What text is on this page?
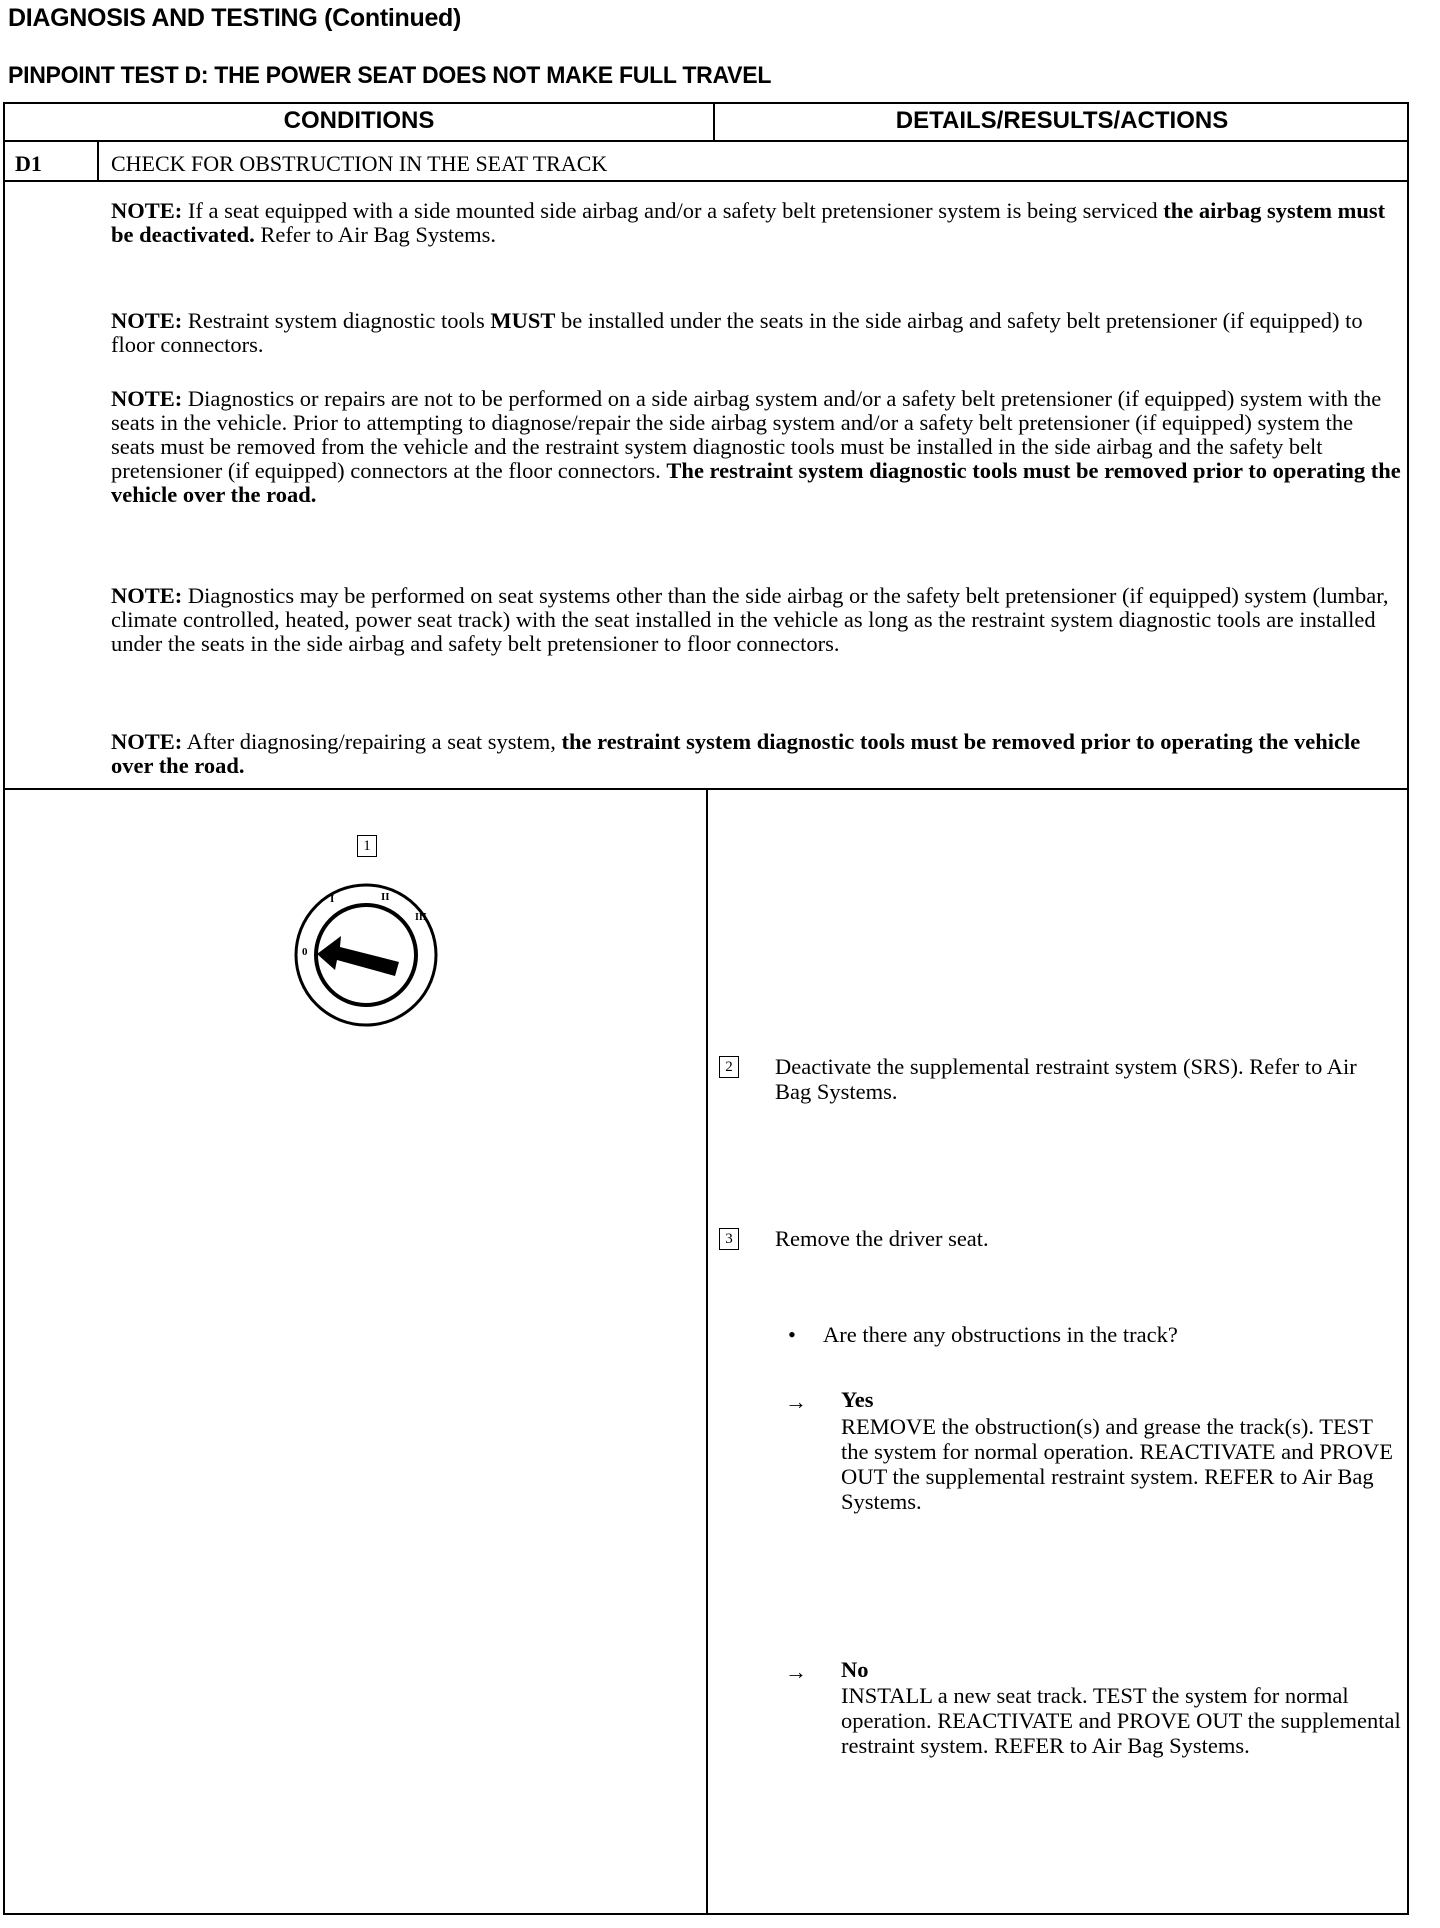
DIAGNOSIS AND TESTING (Continued)
PINPOINT TEST D: THE POWER SEAT DOES NOT MAKE FULL TRAVEL
CONDITIONS	DETAILS/RESULTS/ACTIONS
D1	CHECK FOR OBSTRUCTION IN THE SEAT TRACK
NOTE: If a seat equipped with a side mounted side airbag and/or a safety belt pretensioner system is being serviced the airbag system must be deactivated. Refer to Air Bag Systems.
NOTE: Restraint system diagnostic tools MUST be installed under the seats in the side airbag and safety belt pretensioner (if equipped) to floor connectors.
NOTE: Diagnostics or repairs are not to be performed on a side airbag system and/or a safety belt pretensioner (if equipped) system with the seats in the vehicle. Prior to attempting to diagnose/repair the side airbag system and/or a safety belt pretensioner (if equipped) system the seats must be removed from the vehicle and the restraint system diagnostic tools must be installed in the side airbag and the safety belt pretensioner (if equipped) connectors at the floor connectors. The restraint system diagnostic tools must be removed prior to operating the vehicle over the road.
NOTE: Diagnostics may be performed on seat systems other than the side airbag or the safety belt pretensioner (if equipped) system (lumbar, climate controlled, heated, power seat track) with the seat installed in the vehicle as long as the restraint system diagnostic tools are installed under the seats in the side airbag and safety belt pretensioner to floor connectors.
NOTE: After diagnosing/repairing a seat system, the restraint system diagnostic tools must be removed prior to operating the vehicle over the road.
1
0
I	II
III
2 Deactivate the supplemental restraint system (SRS). Refer to Air Bag Systems.
3 Remove the driver seat.
• Are there any obstructions in the track?
→ Yes
REMOVE the obstruction(s) and grease the track(s). TEST the system for normal operation. REACTIVATE and PROVE OUT the supplemental restraint system. REFER to Air Bag Systems.
→ No
INSTALL a new seat track. TEST the system for normal operation. REACTIVATE and PROVE OUT the supplemental restraint system. REFER to Air Bag Systems.
